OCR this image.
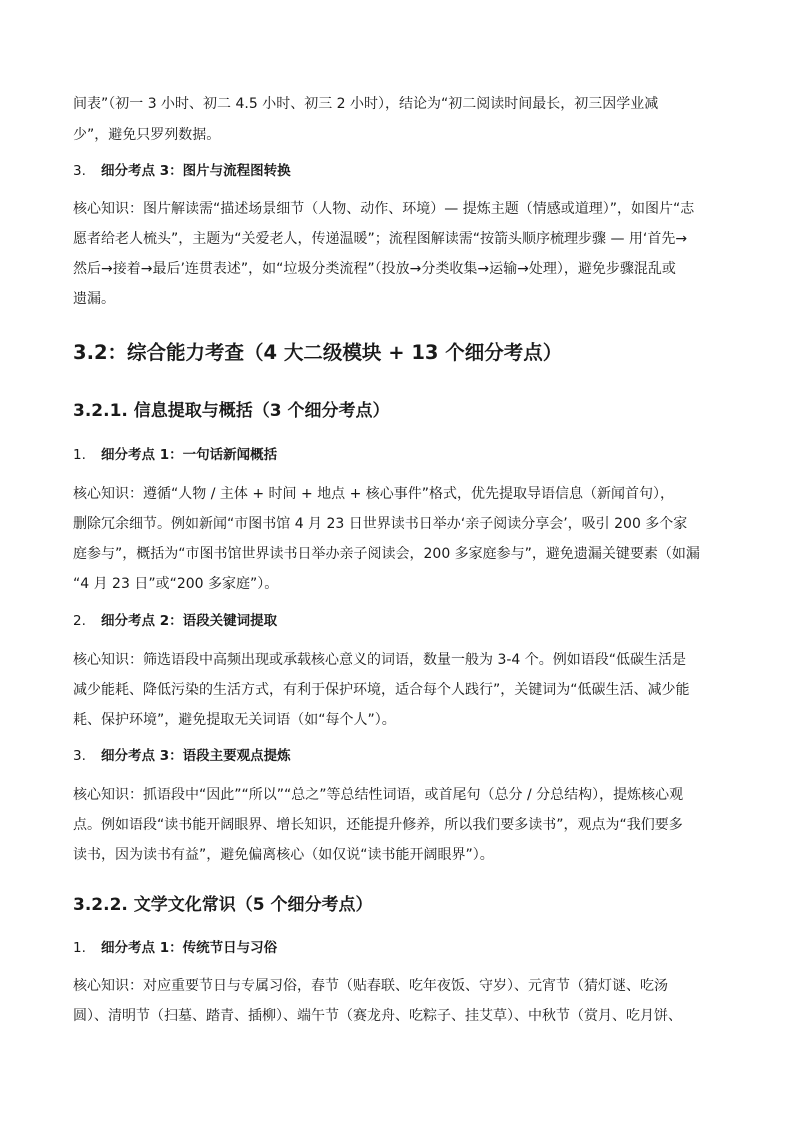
间表”（初一 3 小时、初二 4.5 小时、初三 2 小时），结论为“初二阅读时间最长，初三因学业减
少”，避免只罗列数据。
3. 细分考点 3：图片与流程图转换
核心知识：图片解读需“描述场景细节（人物、动作、环境）— 提炼主题（情感或道理）”，如图片“志
愿者给老人梳头”，主题为“关爱老人，传递温暖”；流程图解读需“按箭头顺序梳理步骤 — 用‘首先→
然后→接着→最后’连贯表述”，如“垃圾分类流程”（投放→分类收集→运输→处理），避免步骤混乱或
遗漏。
3.2：综合能力考查（4 大二级模块 + 13 个细分考点）
3.2.1. 信息提取与概括（3 个细分考点）
1. 细分考点 1：一句话新闻概括
核心知识：遵循“人物 / 主体 + 时间 + 地点 + 核心事件”格式，优先提取导语信息（新闻首句），
删除冗余细节。例如新闻“市图书馆 4 月 23 日世界读书日举办‘亲子阅读分享会’，吸引 200 多个家
庭参与”，概括为“市图书馆世界读书日举办亲子阅读会，200 多家庭参与”，避免遗漏关键要素（如漏
“4 月 23 日”或“200 多家庭”）。
2. 细分考点 2：语段关键词提取
核心知识：筛选语段中高频出现或承载核心意义的词语，数量一般为 3-4 个。例如语段“低碳生活是
减少能耗、降低污染的生活方式，有利于保护环境，适合每个人践行”，关键词为“低碳生活、减少能
耗、保护环境”，避免提取无关词语（如“每个人”）。
3. 细分考点 3：语段主要观点提炼
核心知识：抓语段中“因此”“所以”“总之”等总结性词语，或首尾句（总分 / 分总结构），提炼核心观
点。例如语段“读书能开阔眼界、增长知识，还能提升修养，所以我们要多读书”，观点为“我们要多
读书，因为读书有益”，避免偏离核心（如仅说“读书能开阔眼界”）。
3.2.2. 文学文化常识（5 个细分考点）
1. 细分考点 1：传统节日与习俗
核心知识：对应重要节日与专属习俗，春节（贴春联、吃年夜饭、守岁）、元宵节（猜灯谜、吃汤
圆）、清明节（扫墓、踏青、插柳）、端午节（赛龙舟、吃粽子、挂艾草）、中秋节（赏月、吃月饼、
